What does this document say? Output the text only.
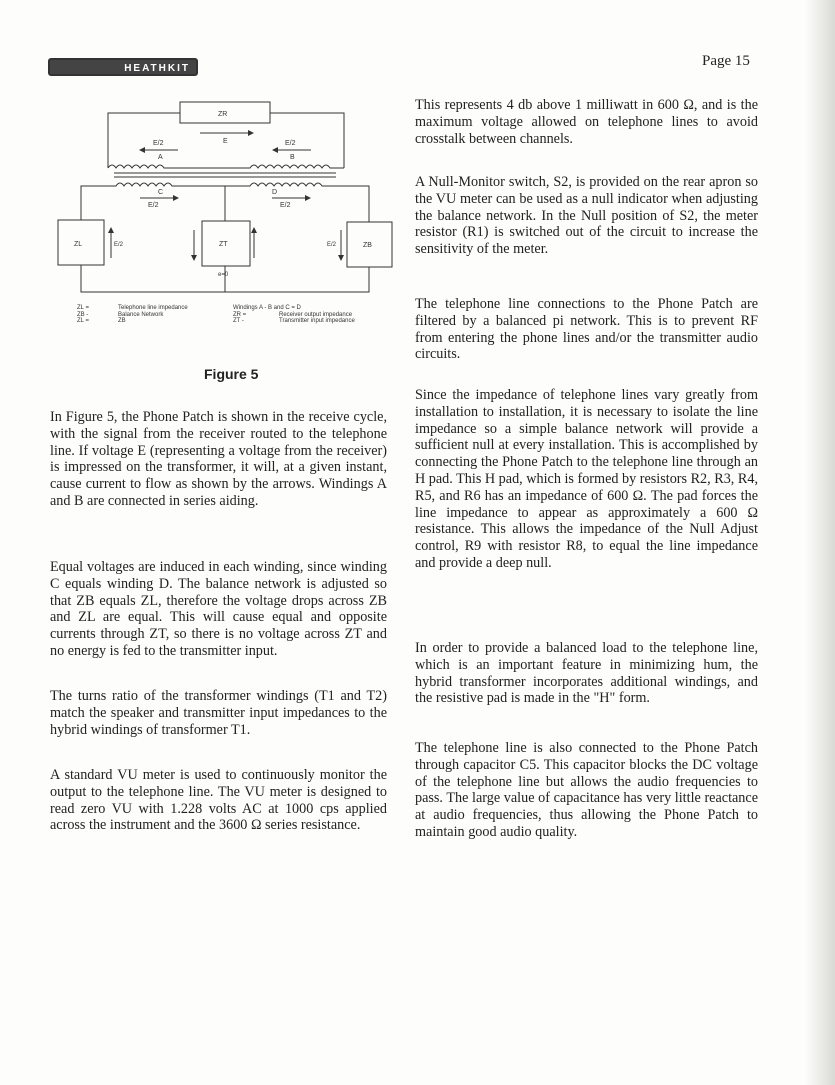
HEATHKIT	Page 15
ZR
E
E/2
A
E/2
B
C
E/2
D
E/2
ZL	ZT	ZB
E/2	E/2
e=0
ZL =
ZB -
ZL =
Telephone line impedance
Balance Network
ZB
Windings A - B and C = D
ZR =
ZT -
Receiver output impedance
Transmitter input impedance
Figure 5

In Figure 5, the Phone Patch is shown in the receive cycle, with the signal from the receiver routed to the telephone line. If voltage E (representing a voltage from the receiver) is impressed on the transformer, it will, at a given instant, cause current to flow as shown by the arrows. Windings A and B are connected in series aiding.

Equal voltages are induced in each winding, since winding C equals winding D. The balance network is adjusted so that ZB equals ZL, therefore the voltage drops across ZB and ZL are equal. This will cause equal and opposite currents through ZT, so there is no voltage across ZT and no energy is fed to the transmitter input.

The turns ratio of the transformer windings (T1 and T2) match the speaker and transmitter input impedances to the hybrid windings of transformer T1.

A standard VU meter is used to continuously monitor the output to the telephone line. The VU meter is designed to read zero VU with 1.228 volts AC at 1000 cps applied across the instrument and the 3600 Ω series resistance.

This represents 4 db above 1 milliwatt in 600 Ω, and is the maximum voltage allowed on telephone lines to avoid crosstalk between channels.

A Null-Monitor switch, S2, is provided on the rear apron so the VU meter can be used as a null indicator when adjusting the balance network. In the Null position of S2, the meter resistor (R1) is switched out of the circuit to increase the sensitivity of the meter.

The telephone line connections to the Phone Patch are filtered by a balanced pi network. This is to prevent RF from entering the phone lines and/or the transmitter audio circuits.

Since the impedance of telephone lines vary greatly from installation to installation, it is necessary to isolate the line impedance so a simple balance network will provide a sufficient null at every installation. This is accomplished by connecting the Phone Patch to the telephone line through an H pad. This H pad, which is formed by resistors R2, R3, R4, R5, and R6 has an impedance of 600 Ω. The pad forces the line impedance to appear as approximately a 600 Ω resistance. This allows the impedance of the Null Adjust control, R9 with resistor R8, to equal the line impedance and provide a deep null.

In order to provide a balanced load to the telephone line, which is an important feature in minimizing hum, the hybrid transformer incorporates additional windings, and the resistive pad is made in the "H" form.

The telephone line is also connected to the Phone Patch through capacitor C5. This capacitor blocks the DC voltage of the telephone line but allows the audio frequencies to pass. The large value of capacitance has very little reactance at audio frequencies, thus allowing the Phone Patch to maintain good audio quality.
